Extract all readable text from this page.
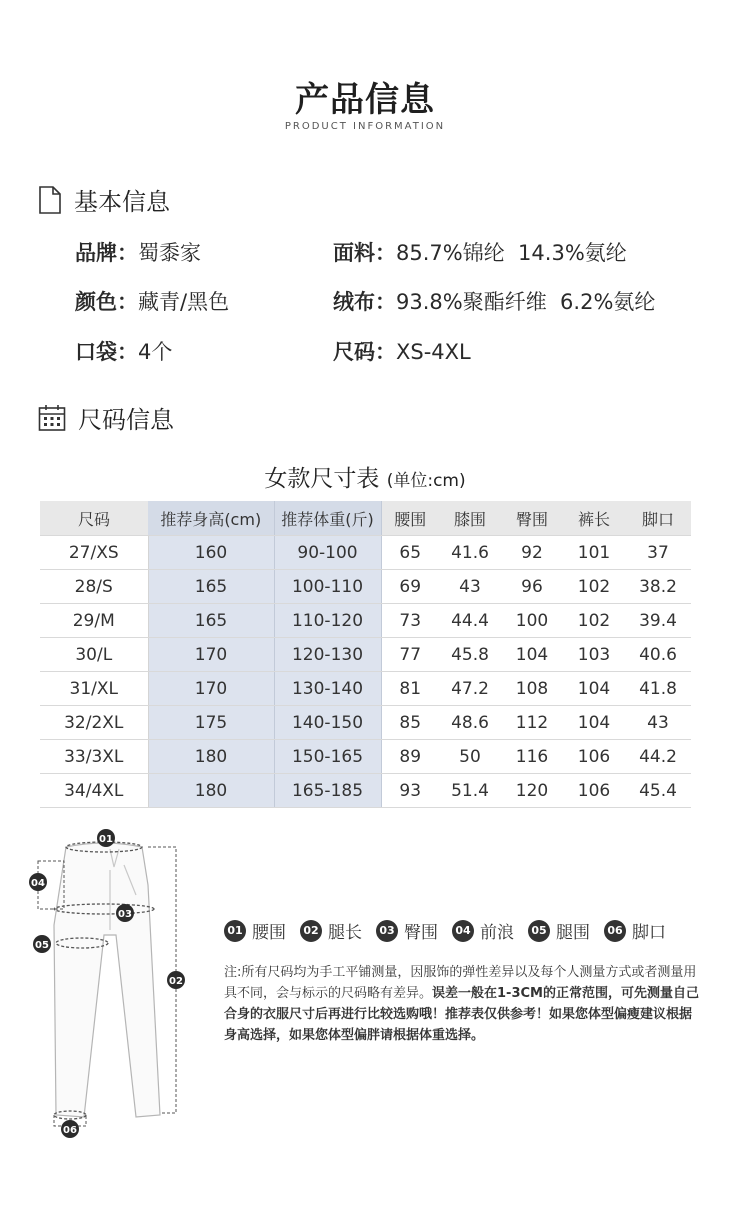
产品信息
PRODUCT INFORMATION
基本信息
品牌：蜀黍家	面料：85.7%锦纶  14.3%氨纶
颜色：藏青/黑色	绒布：93.8%聚酯纤维  6.2%氨纶
口袋：4个	尺码：XS-4XL
尺码信息
女款尺寸表 (单位:cm)
尺码	推荐身高(cm)	推荐体重(斤)	腰围	膝围	臀围	裤长	脚口
27/XS	160	90-100	65	41.6	92	101	37
28/S	165	100-110	69	43	96	102	38.2
29/M	165	110-120	73	44.4	100	102	39.4
30/L	170	120-130	77	45.8	104	103	40.6
31/XL	170	130-140	81	47.2	108	104	41.8
32/2XL	175	140-150	85	48.6	112	104	43
33/3XL	180	150-165	89	50	116	106	44.2
34/4XL	180	165-185	93	51.4	120	106	45.4
01
04
03
05
02
06
01 腰围	02 腿长	03 臀围	04 前浪	05 腿围	06 脚口
注:所有尺码均为手工平铺测量，因服饰的弹性差异以及每个人测量方式或者测量用具不同，会与标示的尺码略有差异。误差一般在1-3CM的正常范围，可先测量自己合身的衣服尺寸后再进行比较选购哦！推荐表仅供参考！如果您体型偏瘦建议根据身高选择，如果您体型偏胖请根据体重选择。
